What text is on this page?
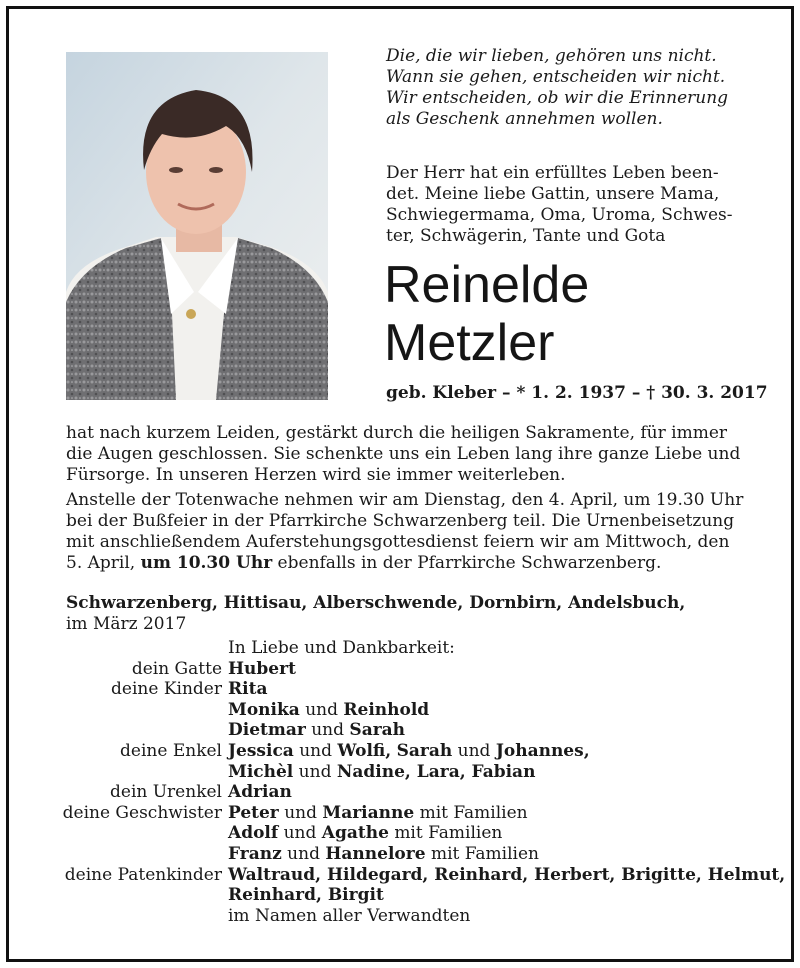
Die, die wir lieben, gehören uns nicht.
Wann sie gehen, entscheiden wir nicht.
Wir entscheiden, ob wir die Erinnerung
als Geschenk annehmen wollen.
Der Herr hat ein erfülltes Leben been-
det. Meine liebe Gattin, unsere Mama,
Schwiegermama, Oma, Uroma, Schwes-
ter, Schwägerin, Tante und Gota
Reinelde
Metzler
geb. Kleber – * 1. 2. 1937 – † 30. 3. 2017
hat nach kurzem Leiden, gestärkt durch die heiligen Sakramente, für immer
die Augen geschlossen. Sie schenkte uns ein Leben lang ihre ganze Liebe und
Fürsorge. In unseren Herzen wird sie immer weiterleben.
Anstelle der Totenwache nehmen wir am Dienstag, den 4. April, um 19.30 Uhr
bei der Bußfeier in der Pfarrkirche Schwarzenberg teil. Die Urnenbeisetzung
mit anschließendem Auferstehungsgottesdienst feiern wir am Mittwoch, den
5. April, um 10.30 Uhr ebenfalls in der Pfarrkirche Schwarzenberg.
Schwarzenberg, Hittisau, Alberschwende, Dornbirn, Andelsbuch,
im März 2017
In Liebe und Dankbarkeit:
dein Gatte Hubert
deine Kinder Rita
Monika und Reinhold
Dietmar und Sarah
deine Enkel Jessica und Wolfi, Sarah und Johannes,
Michèl und Nadine, Lara, Fabian
dein Urenkel Adrian
deine Geschwister Peter und Marianne mit Familien
Adolf und Agathe mit Familien
Franz und Hannelore mit Familien
deine Patenkinder Waltraud, Hildegard, Reinhard, Herbert, Brigitte, Helmut,
Reinhard, Birgit
im Namen aller Verwandten
